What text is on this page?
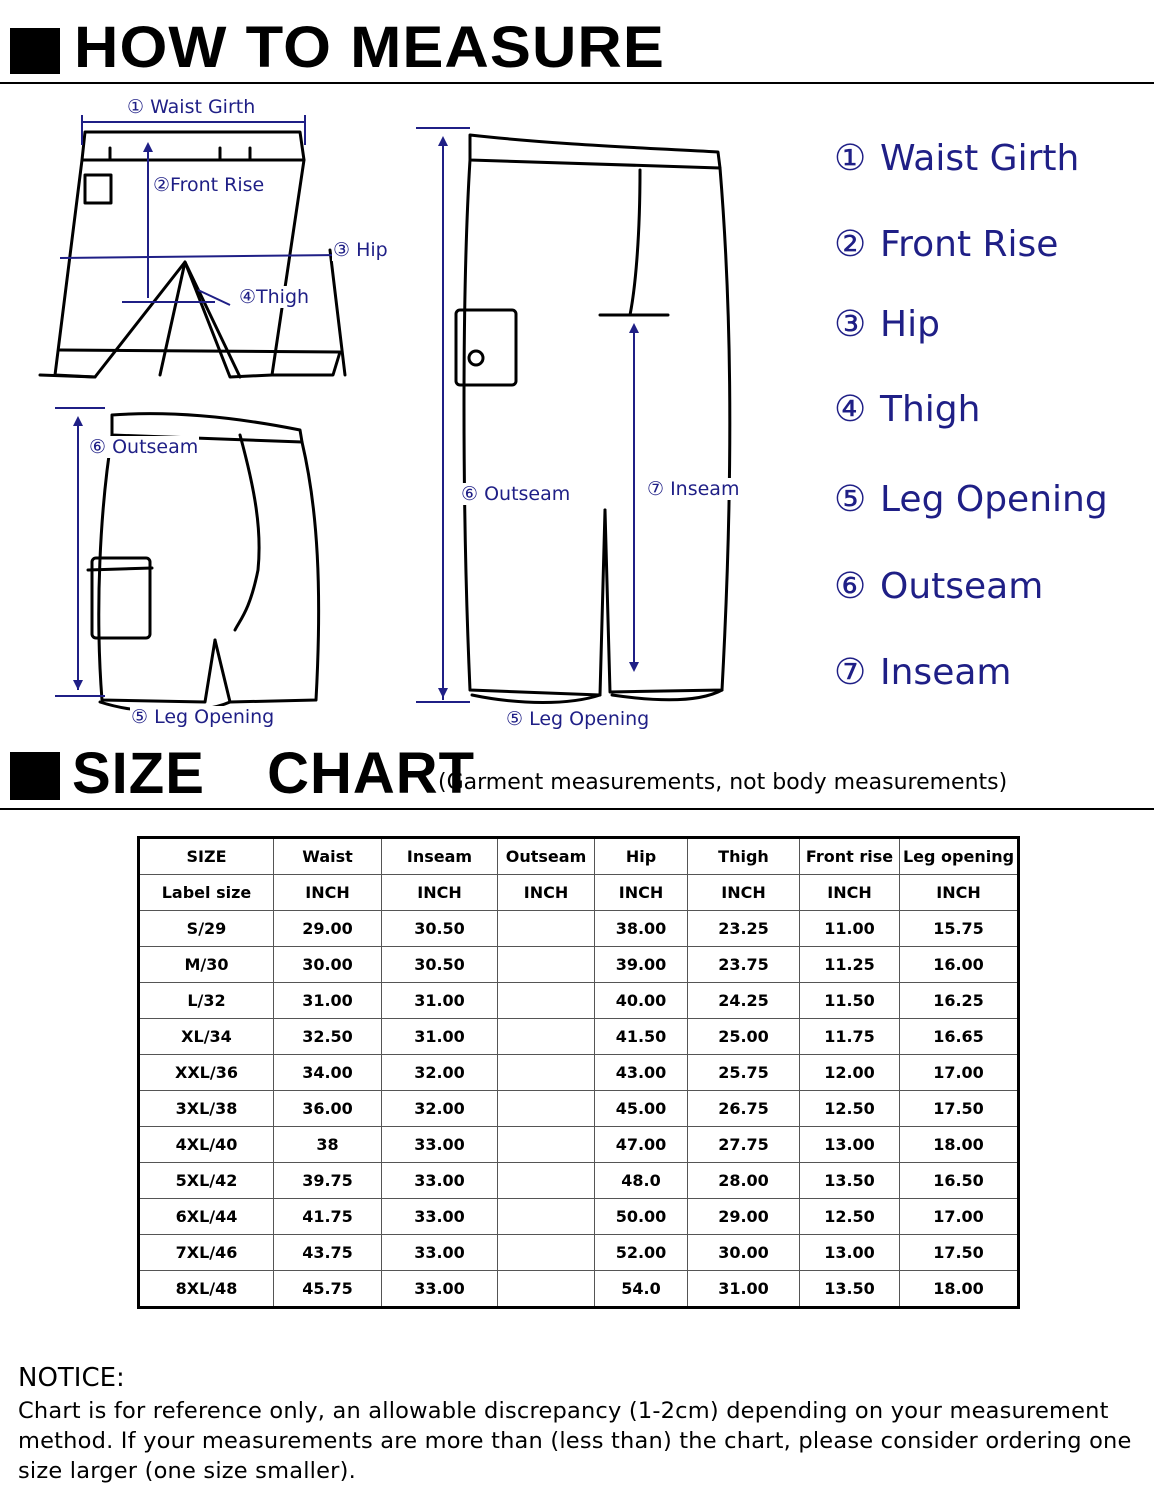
HOW TO MEASURE
① Waist Girth
②Front Rise
③ Hip
④Thigh
⑥ Outseam
⑤ Leg Opening
⑥ Outseam	⑦ Inseam
⑤ Leg Opening
① Waist Girth
② Front Rise
③ Hip
④ Thigh
⑤ Leg Opening
⑥ Outseam
⑦ Inseam
SIZE  CHART
(Garment measurements, not body measurements)
SIZE	Waist	Inseam	Outseam	Hip	Thigh	Front rise	Leg opening
Label size	INCH	INCH	INCH	INCH	INCH	INCH	INCH
S/29	29.00	30.50		38.00	23.25	11.00	15.75
M/30	30.00	30.50		39.00	23.75	11.25	16.00
L/32	31.00	31.00		40.00	24.25	11.50	16.25
XL/34	32.50	31.00		41.50	25.00	11.75	16.65
XXL/36	34.00	32.00		43.00	25.75	12.00	17.00
3XL/38	36.00	32.00		45.00	26.75	12.50	17.50
4XL/40	38	33.00		47.00	27.75	13.00	18.00
5XL/42	39.75	33.00		48.0	28.00	13.50	16.50
6XL/44	41.75	33.00		50.00	29.00	12.50	17.00
7XL/46	43.75	33.00		52.00	30.00	13.00	17.50
8XL/48	45.75	33.00		54.0	31.00	13.50	18.00
NOTICE:
Chart is for reference only, an allowable discrepancy (1-2cm) depending on your measurement method. If your measurements are more than (less than) the chart, please consider ordering one size larger (one size smaller).
